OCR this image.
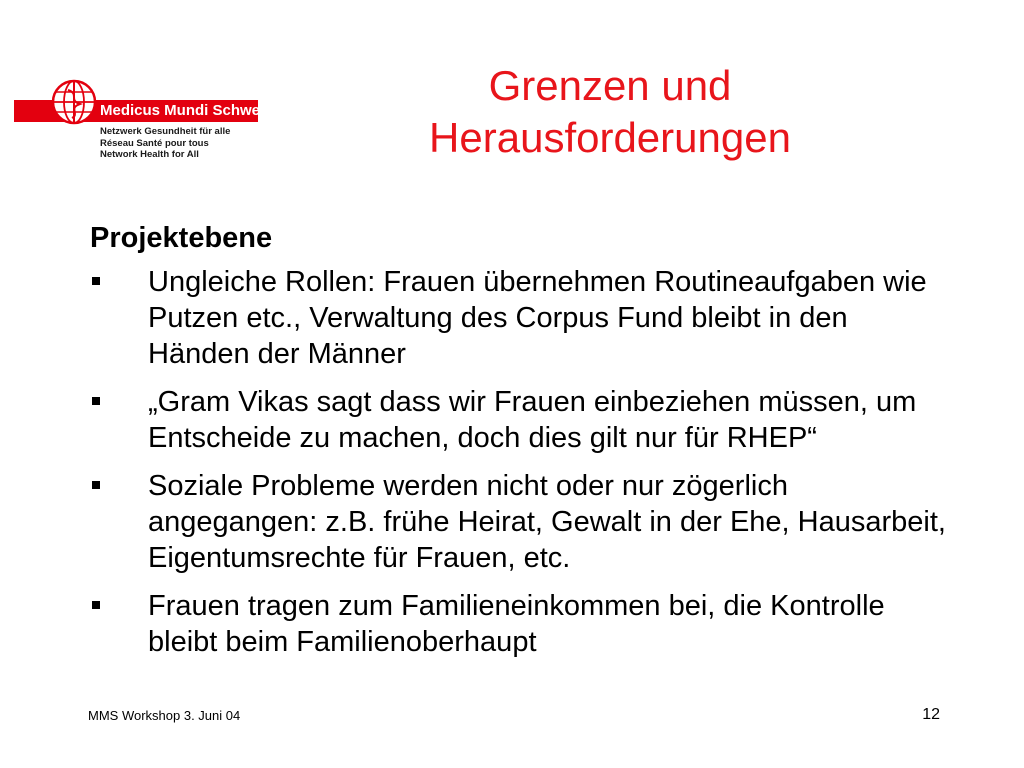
Medicus Mundi Schweiz
Netzwerk Gesundheit für alle
Réseau Santé pour tous
Network Health for All
Grenzen und
Herausforderungen
Projektebene
Ungleiche Rollen: Frauen übernehmen Routineaufgaben wie Putzen etc., Verwaltung des Corpus Fund bleibt in den Händen der Männer
„Gram Vikas sagt dass wir Frauen einbeziehen müssen, um Entscheide zu machen, doch dies gilt nur für RHEP“
Soziale Probleme werden nicht oder nur zögerlich angegangen: z.B. frühe Heirat, Gewalt in der Ehe, Hausarbeit, Eigentumsrechte für Frauen, etc.
Frauen tragen zum Familieneinkommen bei, die Kontrolle bleibt beim Familienoberhaupt
MMS Workshop 3. Juni 04	12
